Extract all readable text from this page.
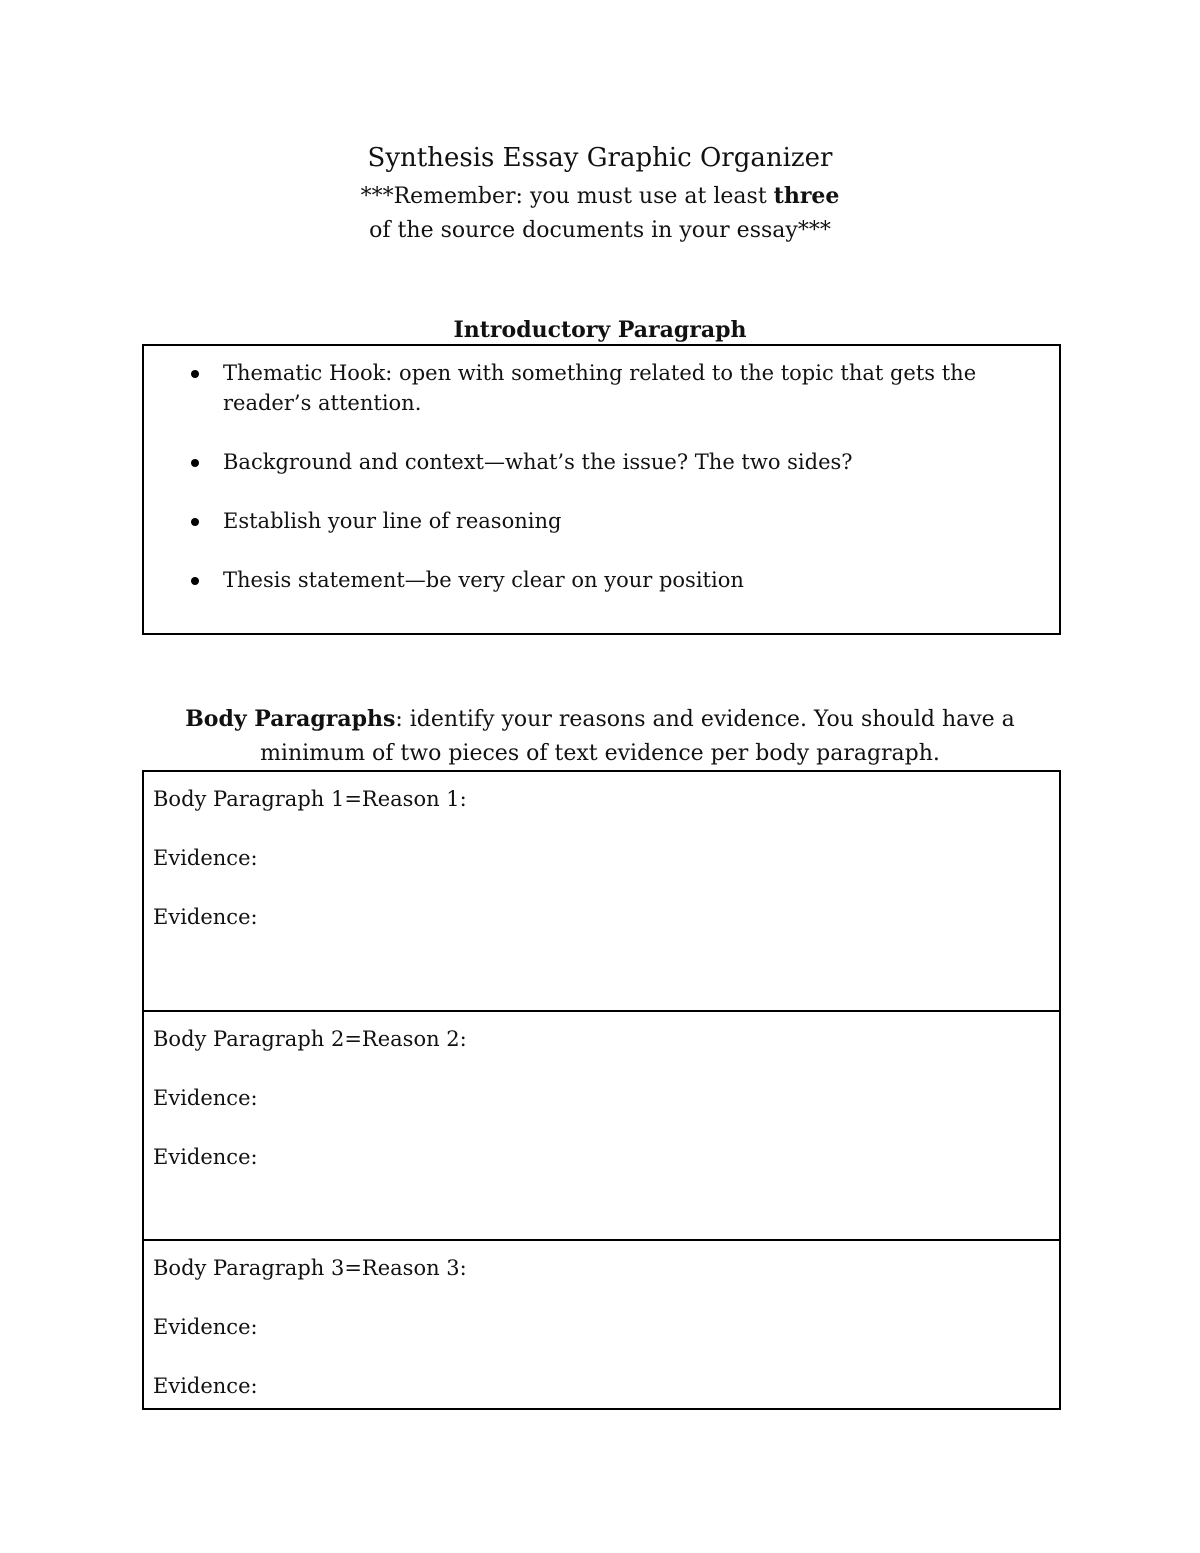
Synthesis Essay Graphic Organizer
***Remember: you must use at least three
of the source documents in your essay***
Introductory Paragraph
Thematic Hook: open with something related to the topic that gets the reader’s attention.
Background and context—what’s the issue? The two sides?
Establish your line of reasoning
Thesis statement—be very clear on your position
Body Paragraphs: identify your reasons and evidence. You should have a minimum of two pieces of text evidence per body paragraph.
Body Paragraph 1=Reason 1:
Evidence:
Evidence:
Body Paragraph 2=Reason 2:
Evidence:
Evidence:
Body Paragraph 3=Reason 3:
Evidence:
Evidence:
